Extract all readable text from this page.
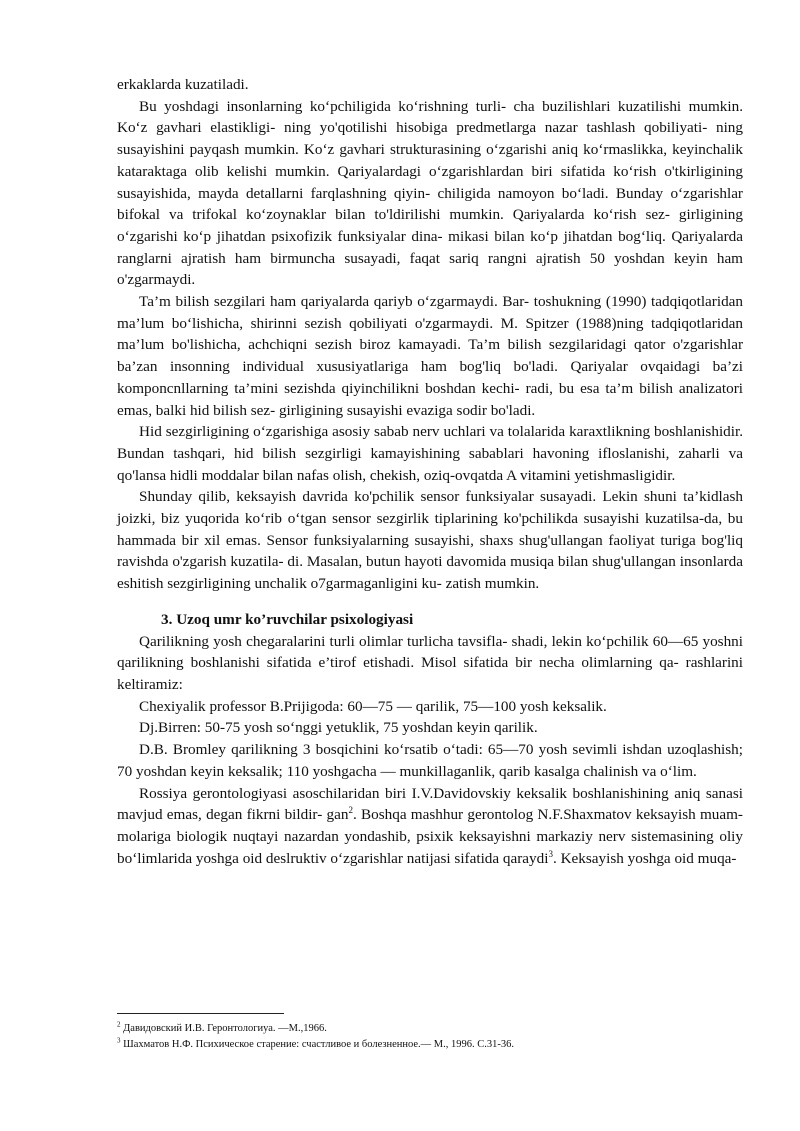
erkaklarda kuzatiladi.

Bu yoshdagi insonlarning ko‘pchiligida ko‘rishning turli- cha buzilishlari kuzatilishi mumkin. Ko‘z gavhari elastikligi- ning yo'qotilishi hisobiga predmetlarga nazar tashlash qobiliyati- ning susayishini payqash mumkin. Ko‘z gavhari strukturasining o‘zgarishi aniq ko‘rmaslikka, keyinchalik kataraktaga olib kelishi mumkin. Qariyalardagi o‘zgarishlardan biri sifatida ko‘rish o'tkirligining susayishida, mayda detallarni farqlashning qiyin- chiligida namoyon bo‘ladi. Bunday o‘zgarishlar bifokal va trifokal ko‘zoynaklar bilan to'ldirilishi mumkin. Qariyalarda ko‘rish sez- girligining o‘zgarishi ko‘p jihatdan psixofizik funksiyalar dina- mikasi bilan ko‘p jihatdan bog‘liq. Qariyalarda ranglarni ajratish ham birmuncha susayadi, faqat sariq rangni ajratish 50 yoshdan keyin ham o'zgarmaydi.

Ta’m bilish sezgilari ham qariyalarda qariyb o‘zgarmaydi. Bar- toshukning (1990) tadqiqotlaridan ma’lum bo‘lishicha, shirinni sezish qobiliyati o'zgarmaydi. M. Spitzer (1988)ning tadqiqotlaridan ma’lum bo'lishicha, achchiqni sezish biroz kamayadi. Ta’m bilish sezgilaridagi qator o'zgarishlar ba’zan insonning individual xususiyatlariga ham bog'liq bo'ladi. Qariyalar ovqaidagi ba’zi komponcnllarning ta’mini sezishda qiyinchilikni boshdan kechi- radi, bu esa ta’m bilish analizatori emas, balki hid bilish sez- girligining susayishi evaziga sodir bo'ladi.

Hid sezgirligining o‘zgarishiga asosiy sabab nerv uchlari va tolalarida karaxtlikning boshlanishidir. Bundan tashqari, hid bilish sezgirligi kamayishining sabablari havoning ifloslanishi, zaharli va qo'lansa hidli moddalar bilan nafas olish, chekish, oziq-ovqatda A vitamini yetishmasligidir.

Shunday qilib, keksayish davrida ko'pchilik sensor funksiyalar susayadi. Lekin shuni ta’kidlash joizki, biz yuqorida ko‘rib o‘tgan sensor sezgirlik tiplarining ko'pchilikda susayishi kuzatilsa-da, bu hammada bir xil emas. Sensor funksiyalarning susayishi, shaxs shug'ullangan faoliyat turiga bog'liq ravishda o'zgarish kuzatila- di. Masalan, butun hayoti davomida musiqa bilan shug'ullangan insonlarda eshitish sezgirligining unchalik o7garmaganligini ku- zatish mumkin.

3. Uzoq umr ko’ruvchilar psixologiyasi

Qarilikning yosh chegaralarini turli olimlar turlicha tavsifla- shadi, lekin ko‘pchilik 60—65 yoshni qarilikning boshlanishi sifatida e’tirof etishadi. Misol sifatida bir necha olimlarning qa- rashlarini keltiramiz:

Chexiyalik professor B.Prijigoda: 60—75 — qarilik, 75—100 yosh keksalik.

Dj.Birren: 50-75 yosh so‘nggi yetuklik, 75 yoshdan keyin qarilik.

D.B. Bromley qarilikning 3 bosqichini ko‘rsatib o‘tadi: 65—70 yosh sevimli ishdan uzoqlashish; 70 yoshdan keyin keksalik; 110 yoshgacha — munkillaganlik, qarib kasalga chalinish va o‘lim.

Rossiya gerontologiyasi asoschilaridan biri I.V.Davidovskiy keksalik boshlanishining aniq sanasi mavjud emas, degan fikrni bildir- gan$^2$. Boshqa mashhur gerontolog N.F.Shaxmatov keksayish muam- molariga biologik nuqtayi nazardan yondashib, psixik keksayishni markaziy nerv sistemasining oliy bo‘limlarida yoshga oid deslruktiv o‘zgarishlar natijasi sifatida qaraydi$^3$. Keksayish yoshga oid muqa-

$^2$ Давидовский И.В. Геронтологиуа. —М.,1966.

$^3$ Шахматов Н.Ф. Психическое старение: счастливое и болезненное.— М., 1996. С.31-36.
